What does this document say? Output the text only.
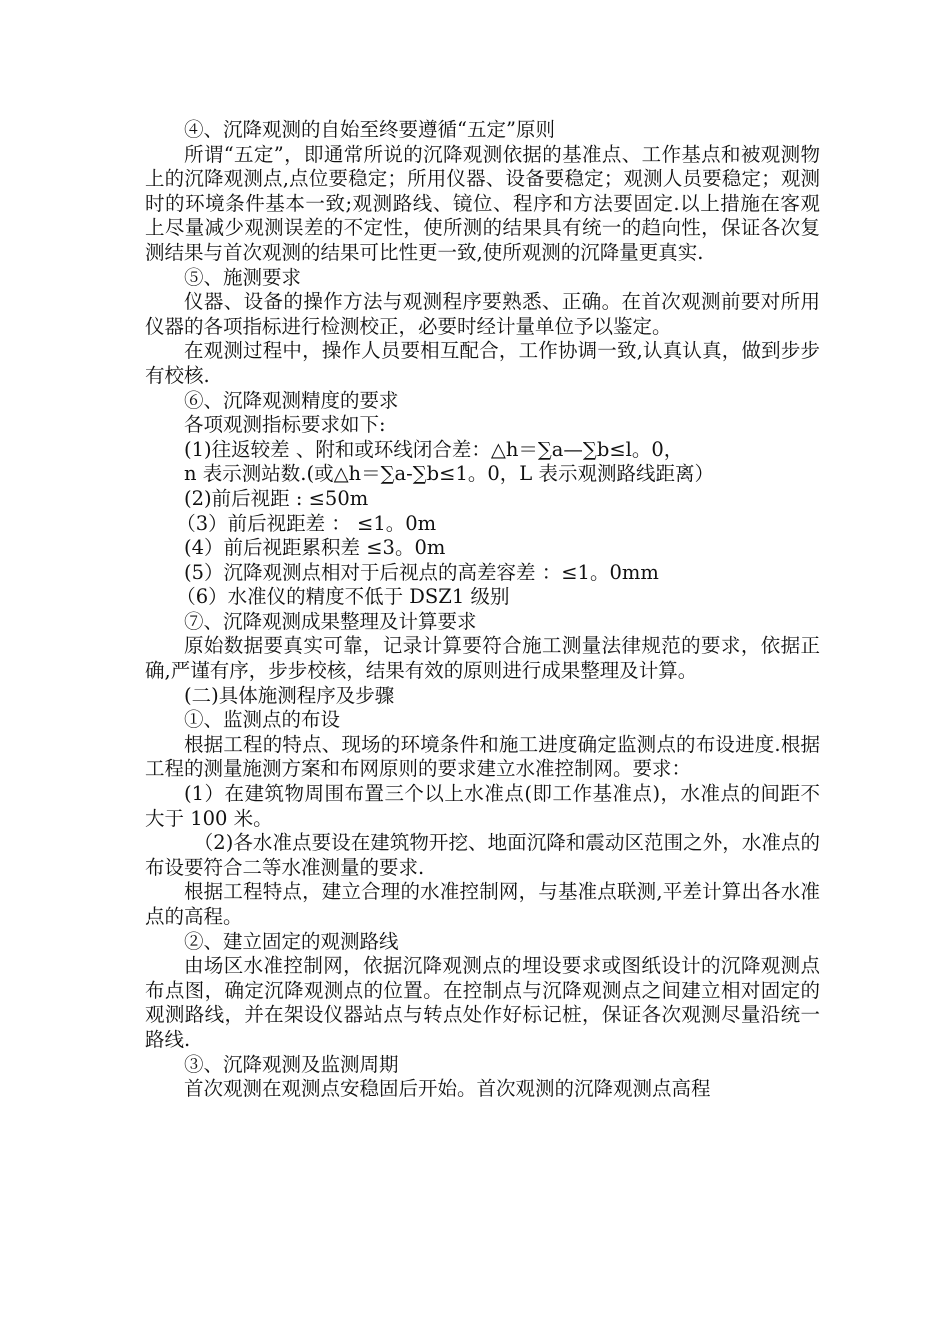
④、沉降观测的自始至终要遵循“五定”原则

所谓“五定”，即通常所说的沉降观测依据的基准点、工作基点和被观测物上的沉降观测点,点位要稳定；所用仪器、设备要稳定；观测人员要稳定；观测时的环境条件基本一致;观测路线、镜位、程序和方法要固定.以上措施在客观上尽量减少观测误差的不定性，使所测的结果具有统一的趋向性，保证各次复测结果与首次观测的结果可比性更一致,使所观测的沉降量更真实.

⑤、施测要求

仪器、设备的操作方法与观测程序要熟悉、正确。在首次观测前要对所用仪器的各项指标进行检测校正，必要时经计量单位予以鉴定。

在观测过程中，操作人员要相互配合，工作协调一致,认真认真，做到步步有校核.

⑥、沉降观测精度的要求

各项观测指标要求如下:

(1)往返较差 、附和或环线闭合差：△h＝∑a—∑b≤l。0，

n 表示测站数.(或△h＝∑a-∑b≤1。0，L 表示观测路线距离）

(2)前后视距 : ≤50m

（3）前后视距差 ： ≤1。0m

(4）前后视距累积差 ≤3。0m

(5）沉降观测点相对于后视点的高差容差 ：≤1。0mm

（6）水准仪的精度不低于 DSZ1 级别

⑦、沉降观测成果整理及计算要求

原始数据要真实可靠，记录计算要符合施工测量法律规范的要求，依据正确,严谨有序，步步校核，结果有效的原则进行成果整理及计算。

(二)具体施测程序及步骤

①、监测点的布设

根据工程的特点、现场的环境条件和施工进度确定监测点的布设进度.根据工程的测量施测方案和布网原则的要求建立水准控制网。要求：

(1）在建筑物周围布置三个以上水准点(即工作基准点)，水准点的间距不大于 100 米。

（2)各水准点要设在建筑物开挖、地面沉降和震动区范围之外，水准点的布设要符合二等水准测量的要求.

根据工程特点，建立合理的水准控制网，与基准点联测,平差计算出各水准点的高程。

②、建立固定的观测路线

由场区水准控制网，依据沉降观测点的埋设要求或图纸设计的沉降观测点布点图，确定沉降观测点的位置。在控制点与沉降观测点之间建立相对固定的观测路线，并在架设仪器站点与转点处作好标记桩，保证各次观测尽量沿统一路线.

③、沉降观测及监测周期

首次观测在观测点安稳固后开始。首次观测的沉降观测点高程
